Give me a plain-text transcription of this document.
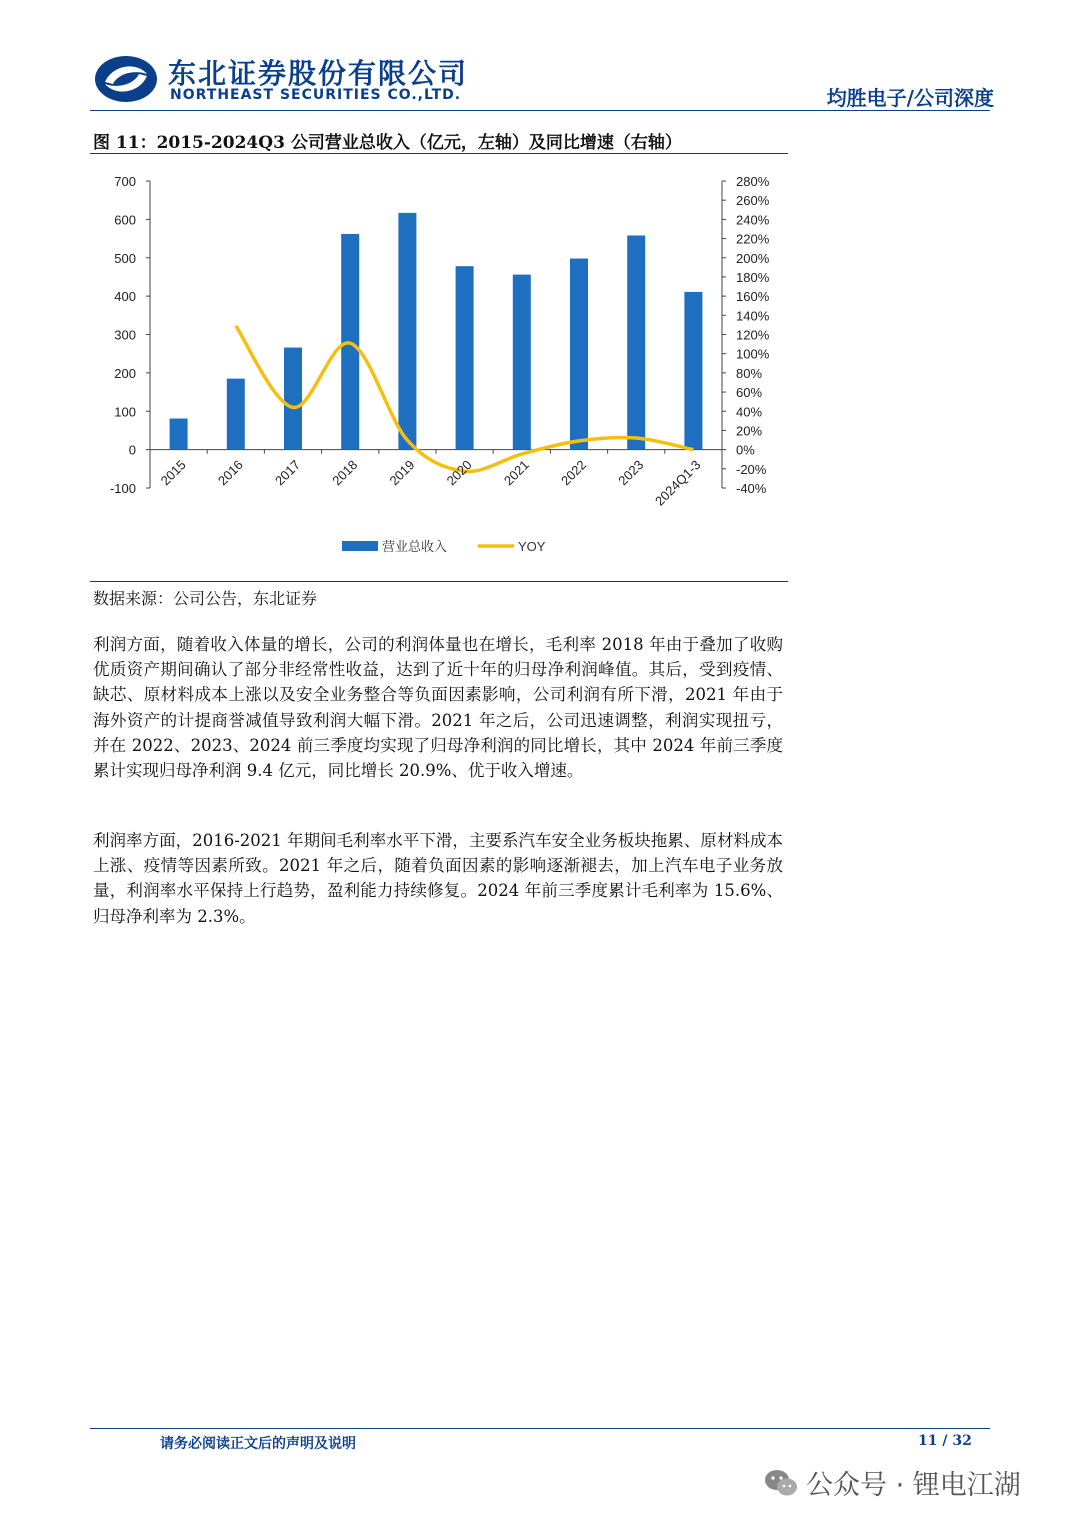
东北证券股份有限公司
NORTHEAST SECURITIES CO.,LTD.	均胜电子/公司深度
图 11：2015-2024Q3 公司营业总收入（亿元，左轴）及同比增速（右轴）
-100
0
100
200
300
400
500
600
700
-40%
-20%
0%
20%
40%
60%
80%
100%
120%
140%
160%
180%
200%
220%
240%
260%
280%
2015 2016 2017 2018 2019 2020 2021 2022 2023 2024Q1-3
营业总收入	YOY
数据来源：公司公告，东北证券

利润方面，随着收入体量的增长，公司的利润体量也在增长，毛利率 2018 年由于叠加了收购优质资产期间确认了部分非经常性收益，达到了近十年的归母净利润峰值。其后，受到疫情、缺芯、原材料成本上涨以及安全业务整合等负面因素影响，公司利润有所下滑，2021 年由于海外资产的计提商誉减值导致利润大幅下滑。2021 年之后，公司迅速调整，利润实现扭亏，并在 2022、2023、2024 前三季度均实现了归母净利润的同比增长，其中 2024 年前三季度累计实现归母净利润 9.4 亿元，同比增长 20.9%、优于收入增速。

利润率方面，2016-2021 年期间毛利率水平下滑，主要系汽车安全业务板块拖累、原材料成本上涨、疫情等因素所致。2021 年之后，随着负面因素的影响逐渐褪去，加上汽车电子业务放量，利润率水平保持上行趋势，盈利能力持续修复。2024 年前三季度累计毛利率为 15.6%、归母净利率为 2.3%。

请务必阅读正文后的声明及说明	11 / 32
公众号 · 锂电江湖
